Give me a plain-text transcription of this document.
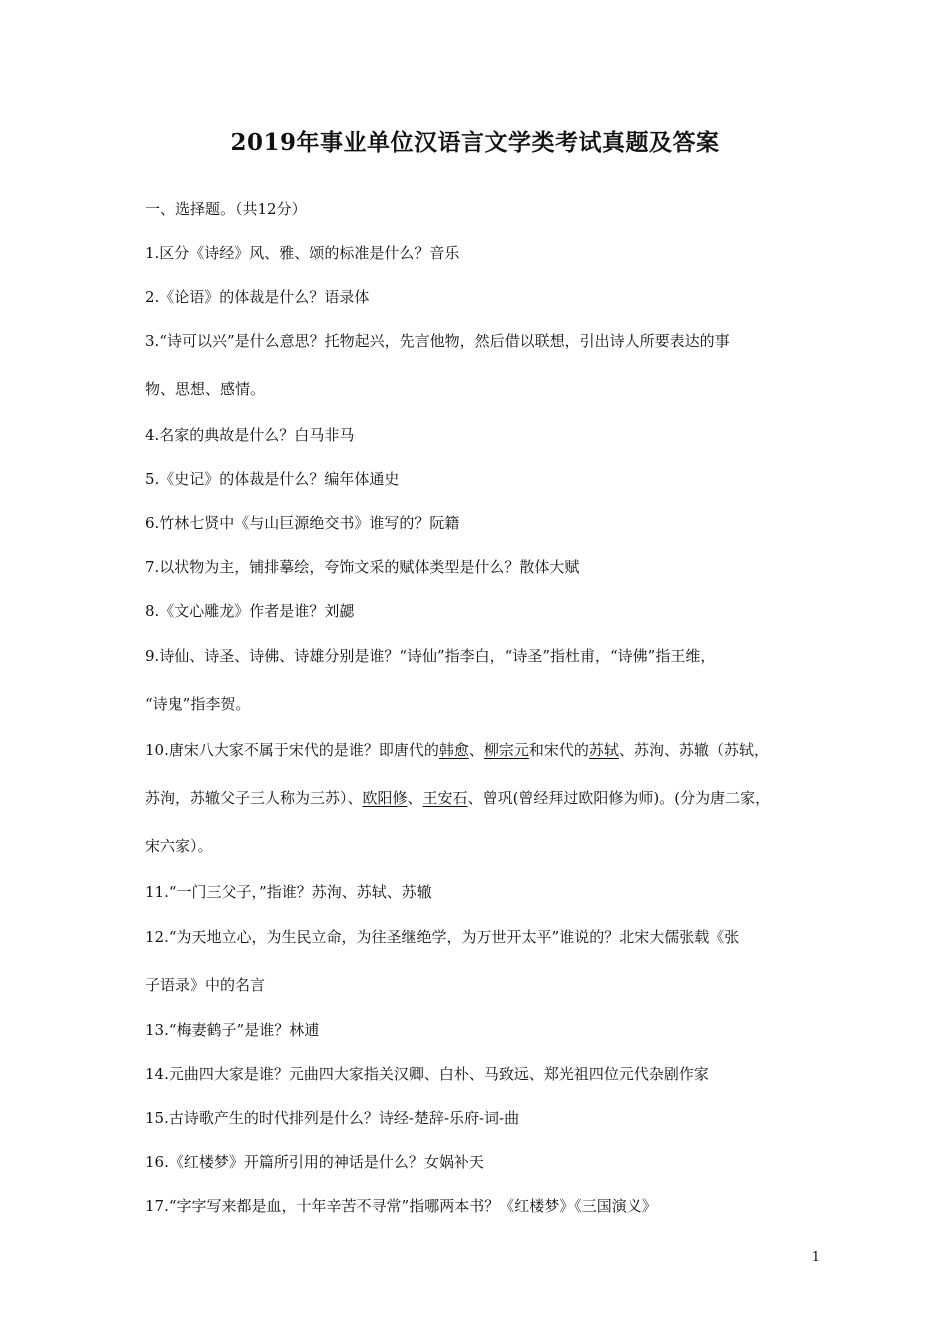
2019年事业单位汉语言文学类考试真题及答案
一、选择题。（共12分）
1.区分《诗经》风、雅、颂的标准是什么？音乐
2.《论语》的体裁是什么？语录体
3.“诗可以兴”是什么意思？托物起兴，先言他物，然后借以联想，引出诗人所要表达的事
物、思想、感情。
4.名家的典故是什么？白马非马
5.《史记》的体裁是什么？编年体通史
6.竹林七贤中《与山巨源绝交书》谁写的？阮籍
7.以状物为主，铺排摹绘，夸饰文采的赋体类型是什么？散体大赋
8.《文心雕龙》作者是谁？刘勰
9.诗仙、诗圣、诗佛、诗雄分别是谁？“诗仙”指李白，“诗圣”指杜甫，“诗佛”指王维，
“诗鬼”指李贺。
10.唐宋八大家不属于宋代的是谁？即唐代的韩愈、柳宗元和宋代的苏轼、苏洵、苏辙（苏轼，
苏洵，苏辙父子三人称为三苏）、欧阳修、王安石、曾巩(曾经拜过欧阳修为师)。(分为唐二家，
宋六家）。
11.“一门三父子，”指谁？苏洵、苏轼、苏辙
12.“为天地立心，为生民立命，为往圣继绝学，为万世开太平”谁说的？北宋大儒张载《张
子语录》中的名言
13.“梅妻鹤子”是谁？林逋
14.元曲四大家是谁？元曲四大家指关汉卿、白朴、马致远、郑光祖四位元代杂剧作家
15.古诗歌产生的时代排列是什么？诗经-楚辞-乐府-词-曲
16.《红楼梦》开篇所引用的神话是什么？女娲补天
17.“字字写来都是血，十年辛苦不寻常”指哪两本书？《红楼梦》《三国演义》
1
